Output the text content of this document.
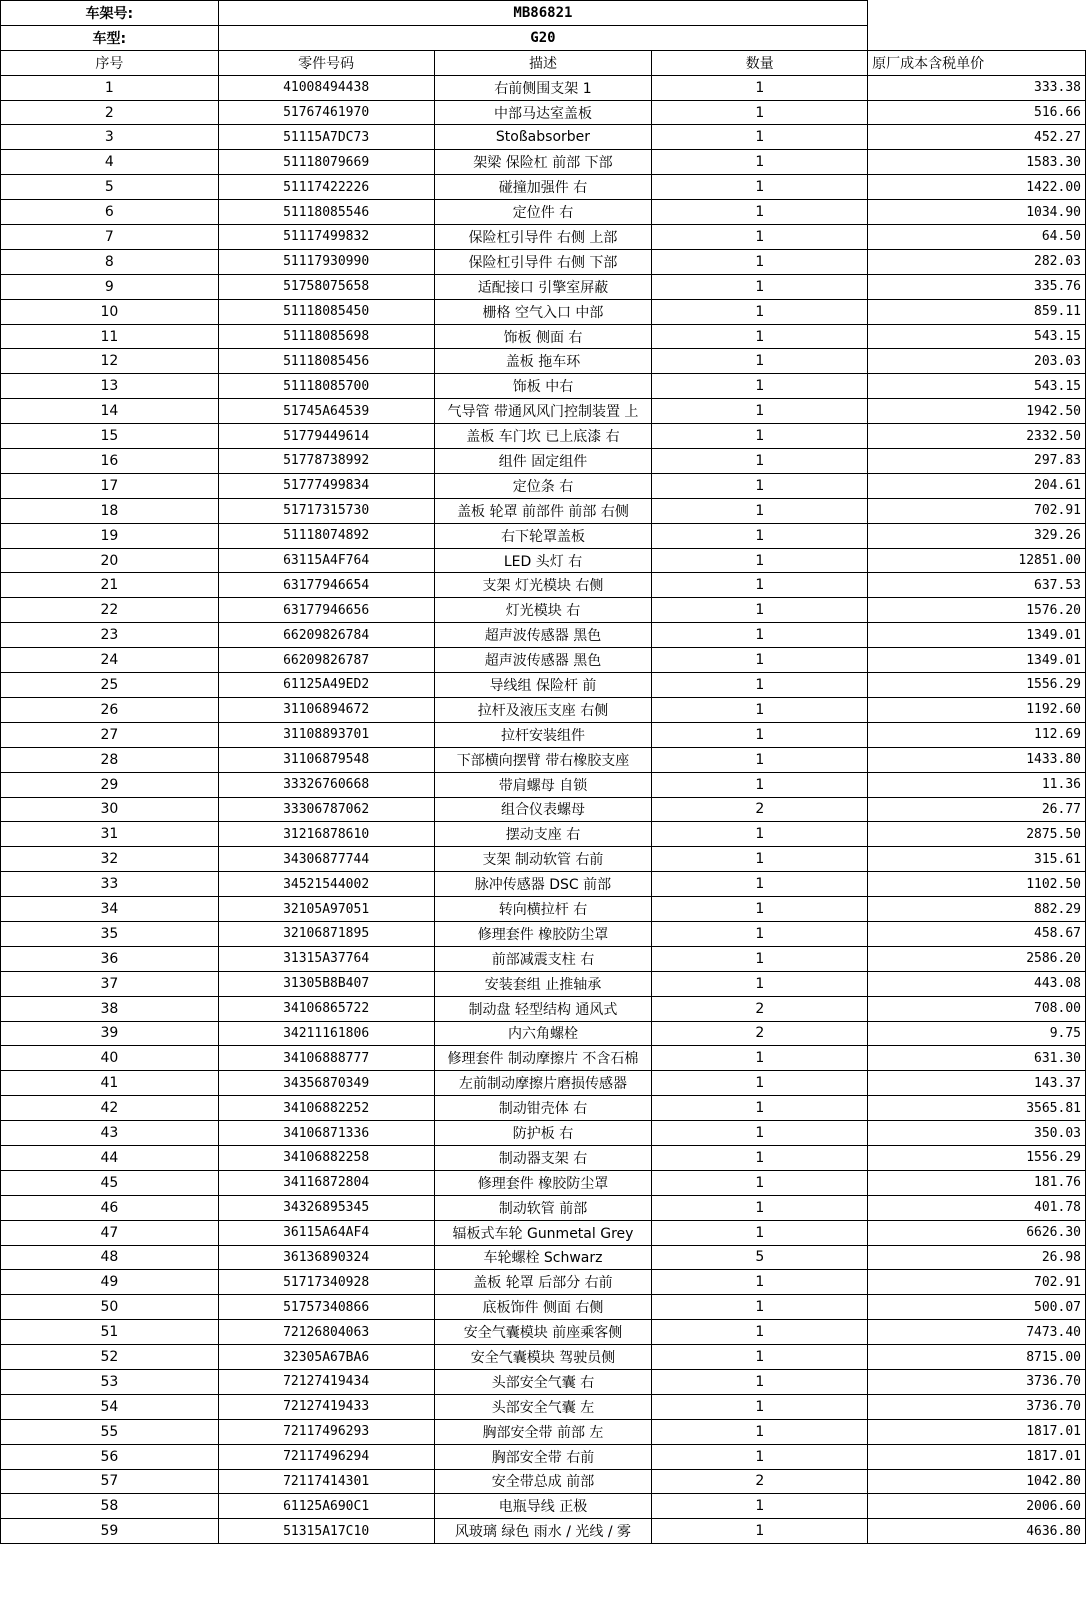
车架号:	MB86821			
车型:	G20			
序号	零件号码	描述	数量	原厂成本含税单价
1	41008494438	右前侧围支架 1	1	333.38
2	51767461970	中部马达室盖板	1	516.66
3	51115A7DC73	Stoßabsorber	1	452.27
4	51118079669	架梁 保险杠 前部 下部	1	1583.30
5	51117422226	碰撞加强件 右	1	1422.00
6	51118085546	定位件 右	1	1034.90
7	51117499832	保险杠引导件 右侧 上部	1	64.50
8	51117930990	保险杠引导件 右侧 下部	1	282.03
9	51758075658	适配接口 引擎室屏蔽	1	335.76
10	51118085450	栅格 空气入口 中部	1	859.11
11	51118085698	饰板 侧面 右	1	543.15
12	51118085456	盖板 拖车环	1	203.03
13	51118085700	饰板 中右	1	543.15
14	51745A64539	气导管 带通风风门控制装置 上	1	1942.50
15	51779449614	盖板 车门坎 已上底漆 右	1	2332.50
16	51778738992	组件 固定组件	1	297.83
17	51777499834	定位条 右	1	204.61
18	51717315730	盖板 轮罩 前部件 前部 右侧	1	702.91
19	51118074892	右下轮罩盖板	1	329.26
20	63115A4F764	LED 头灯 右	1	12851.00
21	63177946654	支架 灯光模块 右侧	1	637.53
22	63177946656	灯光模块 右	1	1576.20
23	66209826784	超声波传感器 黑色	1	1349.01
24	66209826787	超声波传感器 黑色	1	1349.01
25	61125A49ED2	导线组 保险杆 前	1	1556.29
26	31106894672	拉杆及液压支座 右侧	1	1192.60
27	31108893701	拉杆安装组件	1	112.69
28	31106879548	下部横向摆臂 带右橡胶支座	1	1433.80
29	33326760668	带肩螺母 自锁	1	11.36
30	33306787062	组合仪表螺母	2	26.77
31	31216878610	摆动支座 右	1	2875.50
32	34306877744	支架 制动软管 右前	1	315.61
33	34521544002	脉冲传感器 DSC 前部	1	1102.50
34	32105A97051	转向横拉杆 右	1	882.29
35	32106871895	修理套件 橡胶防尘罩	1	458.67
36	31315A37764	前部减震支柱 右	1	2586.20
37	31305B8B407	安装套组 止推轴承	1	443.08
38	34106865722	制动盘 轻型结构 通风式	2	708.00
39	34211161806	内六角螺栓	2	9.75
40	34106888777	修理套件 制动摩擦片 不含石棉	1	631.30
41	34356870349	左前制动摩擦片磨损传感器	1	143.37
42	34106882252	制动钳壳体 右	1	3565.81
43	34106871336	防护板 右	1	350.03
44	34106882258	制动器支架 右	1	1556.29
45	34116872804	修理套件 橡胶防尘罩	1	181.76
46	34326895345	制动软管 前部	1	401.78
47	36115A64AF4	辐板式车轮 Gunmetal Grey	1	6626.30
48	36136890324	车轮螺栓 Schwarz	5	26.98
49	51717340928	盖板 轮罩 后部分 右前	1	702.91
50	51757340866	底板饰件 侧面 右侧	1	500.07
51	72126804063	安全气囊模块 前座乘客侧	1	7473.40
52	32305A67BA6	安全气囊模块 驾驶员侧	1	8715.00
53	72127419434	头部安全气囊 右	1	3736.70
54	72127419433	头部安全气囊 左	1	3736.70
55	72117496293	胸部安全带 前部 左	1	1817.01
56	72117496294	胸部安全带 右前	1	1817.01
57	72117414301	安全带总成 前部	2	1042.80
58	61125A690C1	电瓶导线 正极	1	2006.60
59	51315A17C10	风玻璃 绿色 雨水 / 光线 / 雾	1	4636.80
